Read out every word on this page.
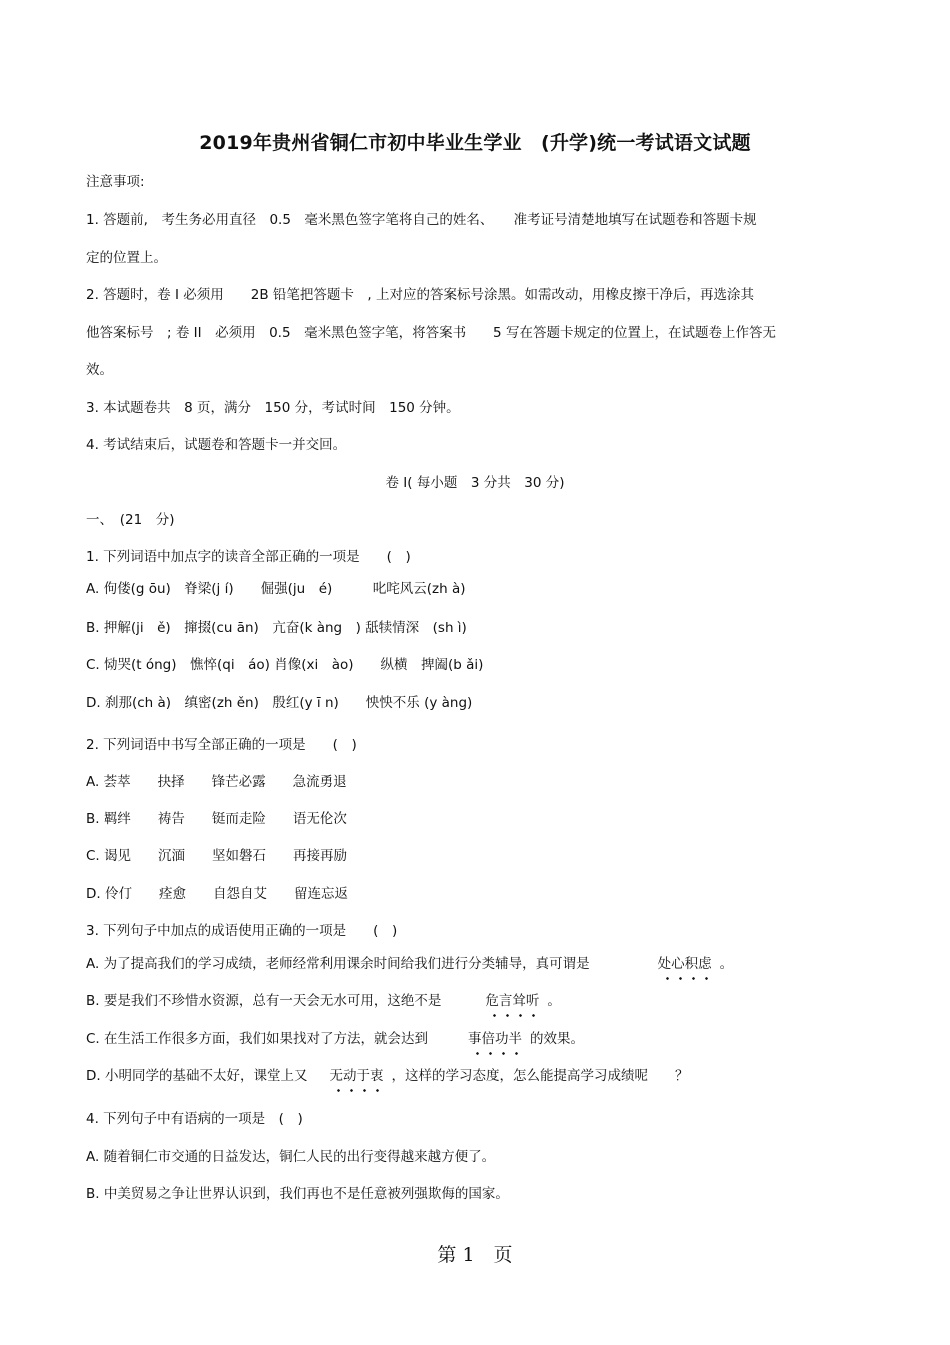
2019年贵州省铜仁市初中毕业生学业　(升学)统一考试语文试题
注意事项:
1. 答题前,　考生务必用直径　0.5　毫米黑色签字笔将自己的姓名、　　准考证号清楚地填写在试题卷和答题卡规
定的位置上。
2. 答题时，卷 I 必须用　　2B 铅笔把答题卡　, 上对应的答案标号涂黑。如需改动，用橡皮擦干净后，再选涂其
他答案标号　; 卷 II　必须用　0.5　毫米黑色签字笔，将答案书　　5 写在答题卡规定的位置上，在试题卷上作答无
效。
3. 本试题卷共　8 页，满分　150 分，考试时间　150 分钟。
4. 考试结束后，试题卷和答题卡一并交回。
卷 I( 每小题　3 分共　30 分)
一、　(21　分)
1. 下列词语中加点字的读音全部正确的一项是　　(　)
A. 佝偻(g ōu)　脊梁(j í)　　倔强(ju　é)　　　叱咤风云(zh à)
B. 押解(ji　ě)　撺掇(cu ān)　亢奋(k àng　) 舐犊情深　(sh ì)
C. 恸哭(t óng)　憔悴(qi　áo) 肖像(xi　ào)　　纵横　捭阖(b ǎi)
D. 刹那(ch à)　缜密(zh ěn)　殷红(y ī n)　　怏怏不乐 (y àng)
2. 下列词语中书写全部正确的一项是　　(　)
A. 荟萃　　抉择　　锋芒必露　　急流勇退
B. 羁绊　　祷告　　铤而走险　　语无伦次
C. 谒见　　沉湎　　坚如磐石　　再接再励
D. 伶仃　　痊愈　　自怨自艾　　留连忘返
3. 下列句子中加点的成语使用正确的一项是　　(　)
A. 为了提高我们的学习成绩，老师经常利用课余时间给我们进行分类辅导，真可谓是	处心积虑 。
B. 要是我们不珍惜水资源，总有一天会无水可用，这绝不是	危言耸听 。
C. 在生活工作很多方面，我们如果找对了方法，就会达到	事倍功半 的效果。
D. 小明同学的基础不太好，课堂上又 无动于衷 ，这样的学习态度，怎么能提高学习成绩呢　　？
4. 下列句子中有语病的一项是　(　)
A. 随着铜仁市交通的日益发达，铜仁人民的出行变得越来越方便了。
B. 中美贸易之争让世界认识到，我们再也不是任意被列强欺侮的国家。
第 1　页
